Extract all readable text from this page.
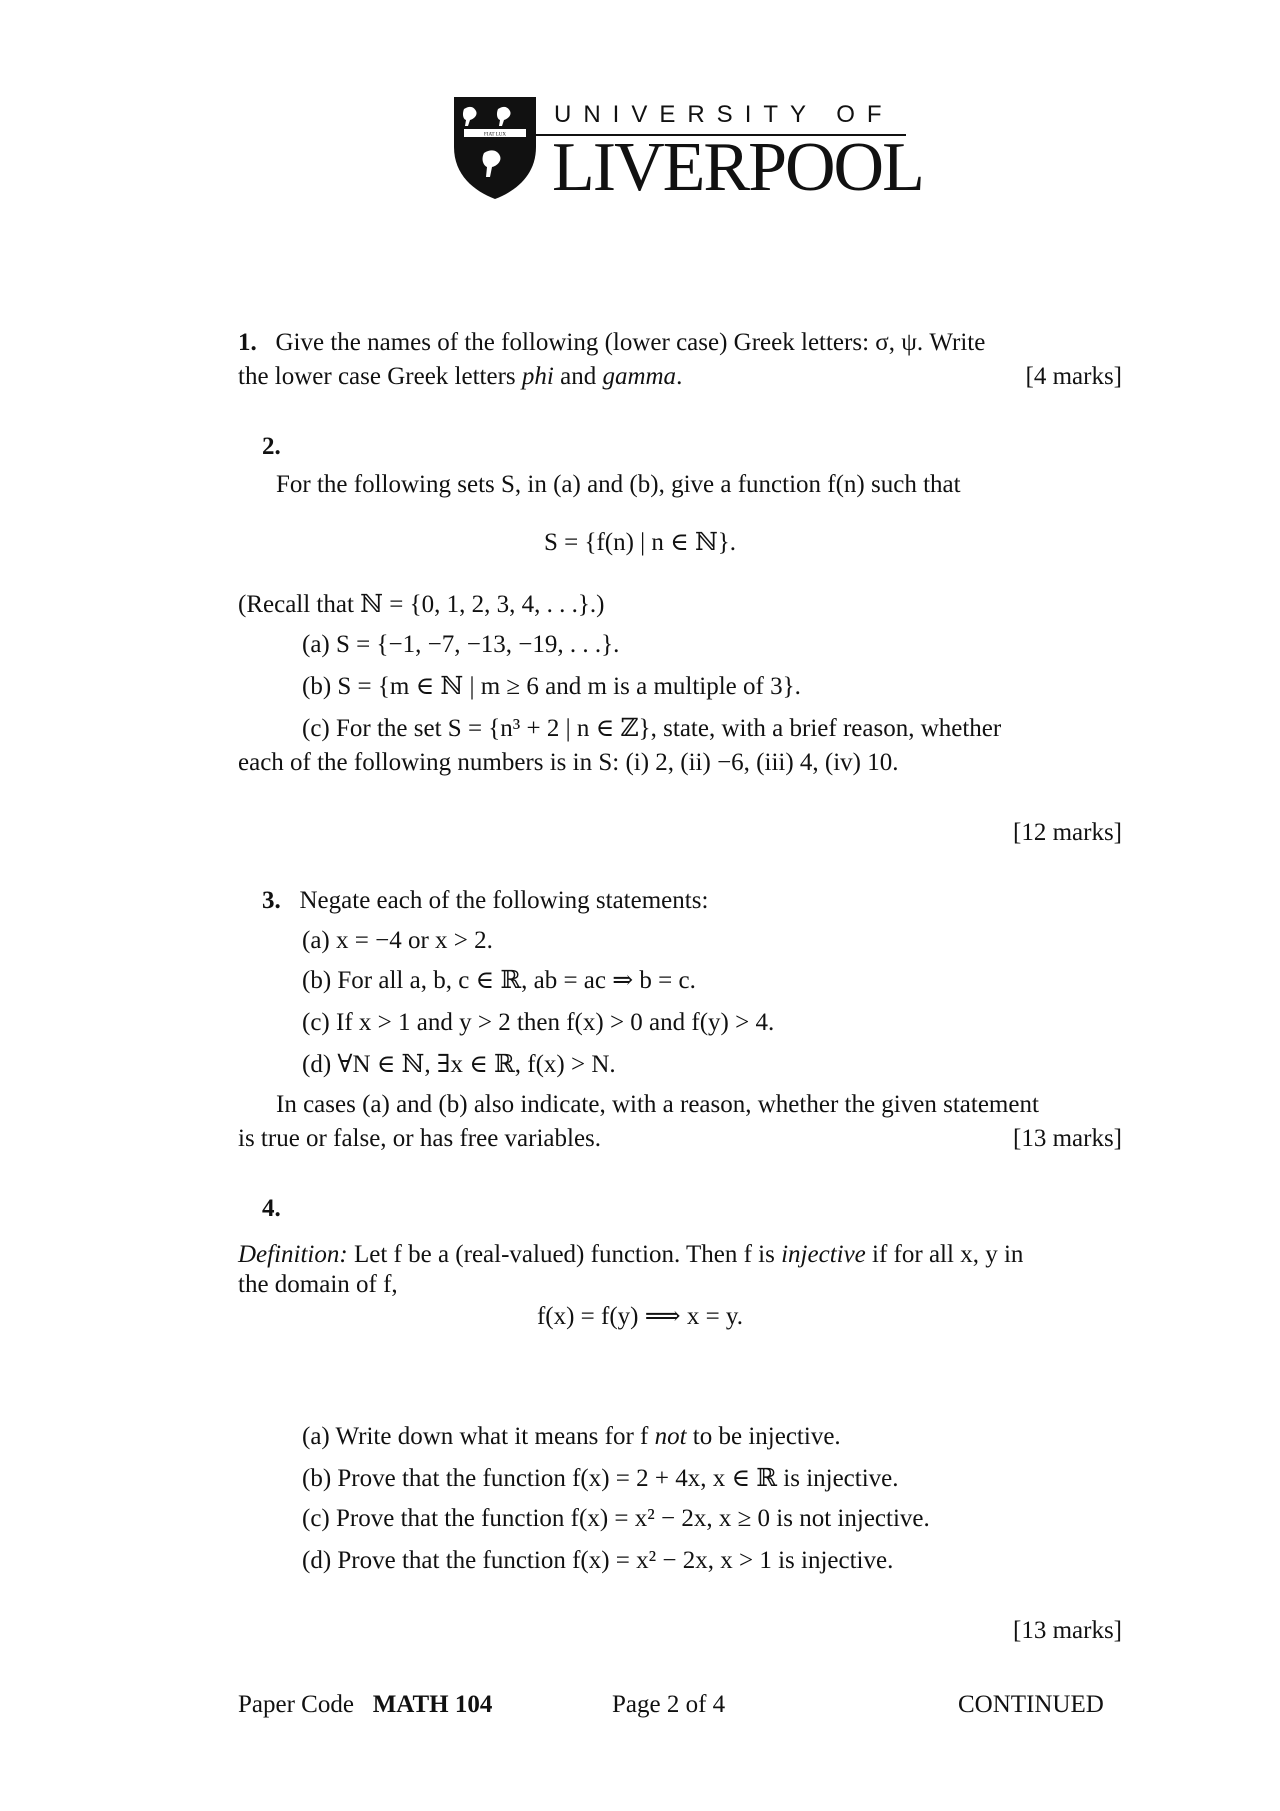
FIAT LUX
UNIVERSITY OF
LIVERPOOL
1. Give the names of the following (lower case) Greek letters: σ, ψ. Write
the lower case Greek letters phi and gamma.	[4 marks]
2.
For the following sets S, in (a) and (b), give a function f(n) such that
S = {f(n) | n ∈ ℕ}.
(Recall that ℕ = {0, 1, 2, 3, 4, . . .}.)
(a) S = {−1, −7, −13, −19, . . .}.
(b) S = {m ∈ ℕ | m ≥ 6 and m is a multiple of 3}.
(c) For the set S = {n³ + 2 | n ∈ ℤ}, state, with a brief reason, whether
each of the following numbers is in S: (i) 2, (ii) −6, (iii) 4, (iv) 10.
[12 marks]
3. Negate each of the following statements:
(a) x = −4 or x > 2.
(b) For all a, b, c ∈ ℝ, ab = ac ⇒ b = c.
(c) If x > 1 and y > 2 then f(x) > 0 and f(y) > 4.
(d) ∀N ∈ ℕ, ∃x ∈ ℝ, f(x) > N.
In cases (a) and (b) also indicate, with a reason, whether the given statement
is true or false, or has free variables.	[13 marks]
4.
Definition: Let f be a (real-valued) function. Then f is injective if for all x, y in
the domain of f,
f(x) = f(y) ⟹ x = y.
(a) Write down what it means for f not to be injective.
(b) Prove that the function f(x) = 2 + 4x, x ∈ ℝ is injective.
(c) Prove that the function f(x) = x² − 2x, x ≥ 0 is not injective.
(d) Prove that the function f(x) = x² − 2x, x > 1 is injective.
[13 marks]
Paper Code MATH 104	Page 2 of 4	CONTINUED
